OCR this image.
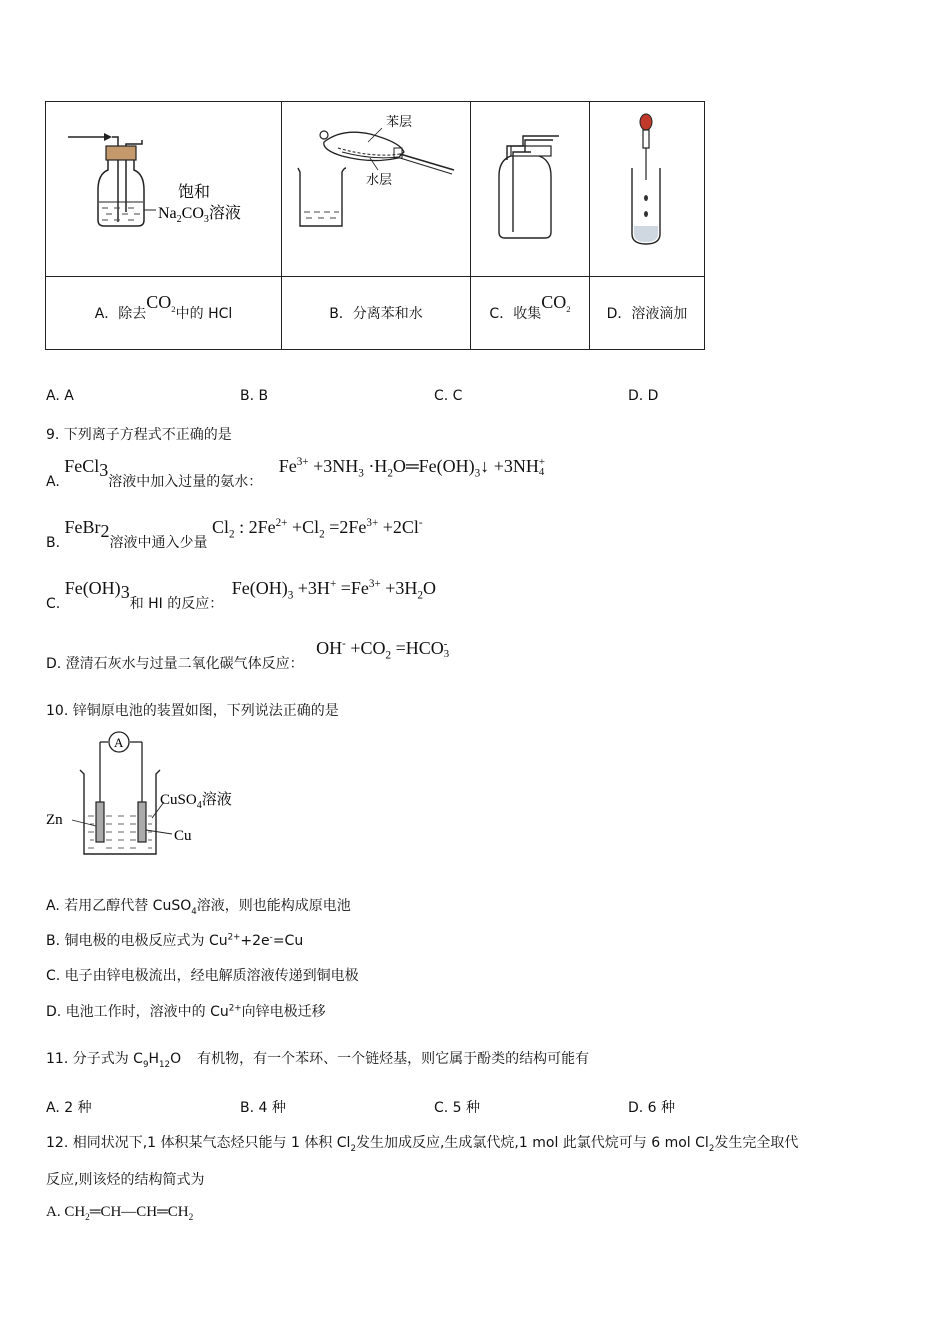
饱和
$Na_2CO_3$溶液	苯层
水层

A．除去$CO_2$中的 HCl	B．分离苯和水	C．收集$CO_2$	D．溶液滴加
A. A	B. B	C. C	D. D
9. 下列离子方程式不正确的是
A. FeCl$_3$溶液中加入过量的氨水： $Fe^{3+} +3NH_3$ $\cdot H_2O═Fe(OH)_3↓ +3NH$ +
4
B. FeBr$_2$溶液中通入少量 $Cl_2$ : $2Fe^{2+} +Cl_2 =2Fe^{3+} +2Cl^-$
C. $Fe(OH)_3$和 HI 的反应： $Fe(OH)_3 +3H^+ =Fe^{3+} +3H_2O$
D. 澄清石灰水与过量二氧化碳气体反应： $OH^- +CO_2 =HCO$ -
3
10. 锌铜原电池的装置如图，下列说法正确的是
A
Zn
CuSO$_4$溶液
Cu
A. 若用乙醇代替 CuSO$_4$溶液，则也能构成原电池
B. 铜电极的电极反应式为 $Cu^{2+}+2e^-=Cu$
C. 电子由锌电极流出，经电解质溶液传递到铜电极
D. 电池工作时，溶液中的 $Cu^{2+}$向锌电极迁移
11. 分子式为 $C_9H_{12}O$ 有机物，有一个苯环、一个链烃基，则它属于酚类的结构可能有
A. 2 种	B. 4 种	C. 5 种	D. 6 种
12. 相同状况下,1 体积某气态烃只能与 1 体积 $Cl_2$发生加成反应,生成氯代烷,1 mol 此氯代烷可与 6 mol $Cl_2$发生完全取代
反应,则该烃的结构简式为
A. $CH_2═CH—CH═CH_2$
